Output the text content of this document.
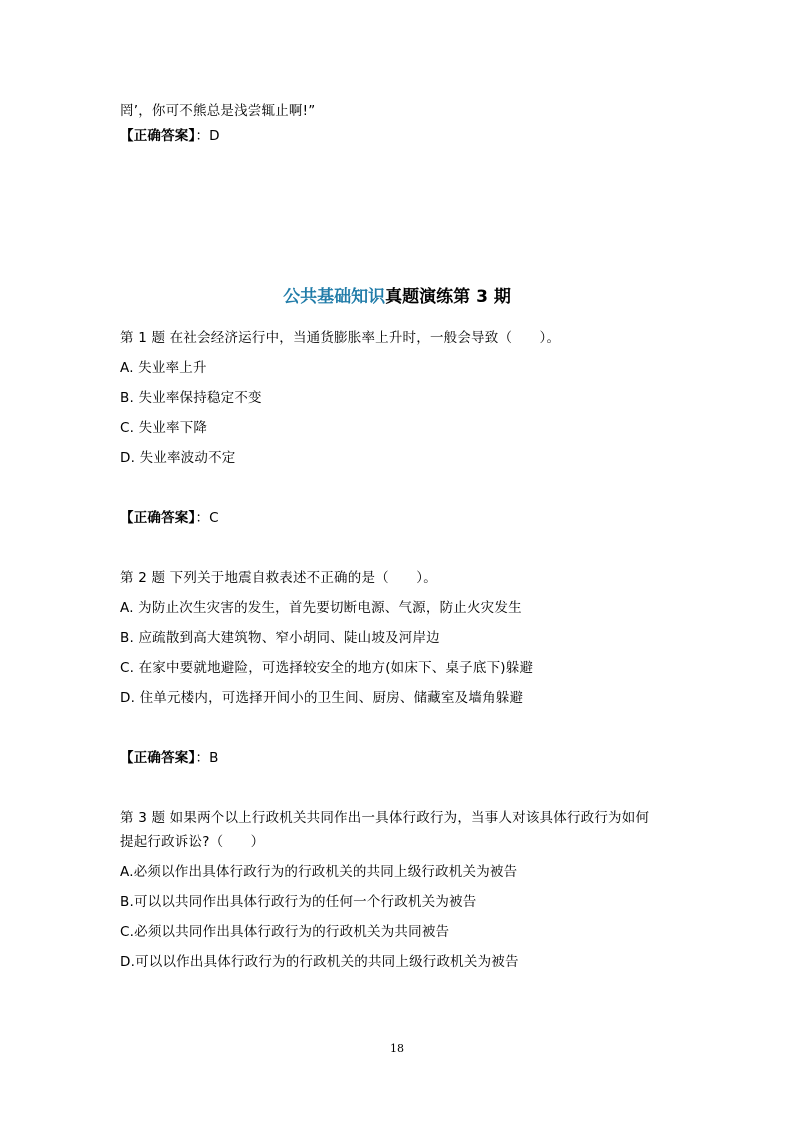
罔’，你可不熊总是浅尝辄止啊!”
【正确答案】：D
公共基础知识真题演练第 3 期
第 1 题 在社会经济运行中，当通货膨胀率上升时，一般会导致（　　）。
A. 失业率上升
B. 失业率保持稳定不变
C. 失业率下降
D. 失业率波动不定
【正确答案】：C
第 2 题 下列关于地震自救表述不正确的是（　　）。
A. 为防止次生灾害的发生，首先要切断电源、气源，防止火灾发生
B. 应疏散到高大建筑物、窄小胡同、陡山坡及河岸边
C. 在家中要就地避险，可选择较安全的地方(如床下、桌子底下)躲避
D. 住单元楼内，可选择开间小的卫生间、厨房、储藏室及墙角躲避
【正确答案】：B
第 3 题 如果两个以上行政机关共同作出一具体行政行为，当事人对该具体行政行为如何
提起行政诉讼?（　　）
A.必须以作出具体行政行为的行政机关的共同上级行政机关为被告
B.可以以共同作出具体行政行为的任何一个行政机关为被告
C.必须以共同作出具体行政行为的行政机关为共同被告
D.可以以作出具体行政行为的行政机关的共同上级行政机关为被告
18
